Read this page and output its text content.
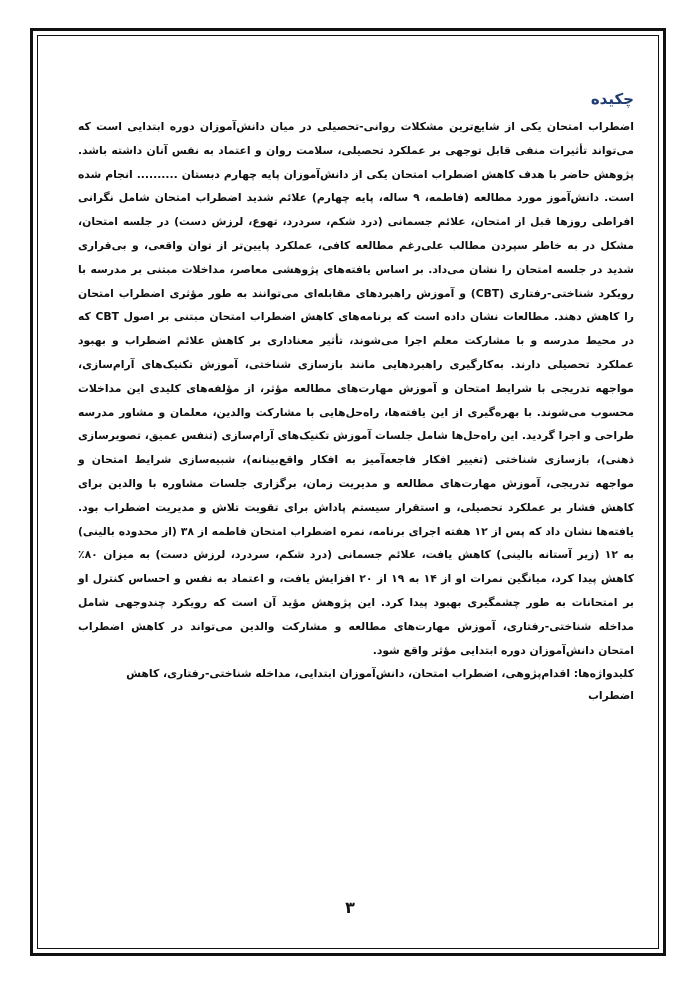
چکیده

اضطراب امتحان یکی از شایع‌ترین مشکلات روانی-تحصیلی در میان دانش‌آموزان دوره ابتدایی است که می‌تواند تأثیرات منفی قابل توجهی بر عملکرد تحصیلی، سلامت روان و اعتماد به نفس آنان داشته باشد. پژوهش حاضر با هدف کاهش اضطراب امتحان یکی از دانش‌آموزان پایه چهارم دبستان .......... انجام شده است. دانش‌آموز مورد مطالعه (فاطمه، ۹ ساله، پایه چهارم) علائم شدید اضطراب امتحان شامل نگرانی افراطی روزها قبل از امتحان، علائم جسمانی (درد شکم، سردرد، تهوع، لرزش دست) در جلسه امتحان، مشکل در به خاطر سپردن مطالب علی‌رغم مطالعه کافی، عملکرد پایین‌تر از توان واقعی، و بی‌قراری شدید در جلسه امتحان را نشان می‌داد. بر اساس یافته‌های پژوهشی معاصر، مداخلات مبتنی بر مدرسه با رویکرد شناختی-رفتاری (CBT) و آموزش راهبردهای مقابله‌ای می‌توانند به طور مؤثری اضطراب امتحان را کاهش دهند. مطالعات نشان داده است که برنامه‌های کاهش اضطراب امتحان مبتنی بر اصول CBT که در محیط مدرسه و با مشارکت معلم اجرا می‌شوند، تأثیر معناداری بر کاهش علائم اضطراب و بهبود عملکرد تحصیلی دارند. به‌کارگیری راهبردهایی مانند بازسازی شناختی، آموزش تکنیک‌های آرام‌سازی، مواجهه تدریجی با شرایط امتحان و آموزش مهارت‌های مطالعه مؤثر، از مؤلفه‌های کلیدی این مداخلات محسوب می‌شوند. با بهره‌گیری از این یافته‌ها، راه‌حل‌هایی با مشارکت والدین، معلمان و مشاور مدرسه طراحی و اجرا گردید. این راه‌حل‌ها شامل جلسات آموزش تکنیک‌های آرام‌سازی (تنفس عمیق، تصویرسازی ذهنی)، بازسازی شناختی (تغییر افکار فاجعه‌آمیز به افکار واقع‌بینانه)، شبیه‌سازی شرایط امتحان و مواجهه تدریجی، آموزش مهارت‌های مطالعه و مدیریت زمان، برگزاری جلسات مشاوره با والدین برای کاهش فشار بر عملکرد تحصیلی، و استقرار سیستم پاداش برای تقویت تلاش و مدیریت اضطراب بود. یافته‌ها نشان داد که پس از ۱۲ هفته اجرای برنامه، نمره اضطراب امتحان فاطمه از ۳۸ (از محدوده بالینی) به ۱۲ (زیر آستانه بالینی) کاهش یافت، علائم جسمانی (درد شکم، سردرد، لرزش دست) به میزان ۸۰٪ کاهش پیدا کرد، میانگین نمرات او از ۱۴ به ۱۹ از ۲۰ افزایش یافت، و اعتماد به نفس و احساس کنترل او بر امتحانات به طور چشمگیری بهبود پیدا کرد. این پژوهش مؤید آن است که رویکرد چندوجهی شامل مداخله شناختی-رفتاری، آموزش مهارت‌های مطالعه و مشارکت والدین می‌تواند در کاهش اضطراب امتحان دانش‌آموزان دوره ابتدایی مؤثر واقع شود.

کلیدواژه‌ها: اقدام‌پژوهی، اضطراب امتحان، دانش‌آموزان ابتدایی، مداخله شناختی-رفتاری، کاهش اضطراب

۳
